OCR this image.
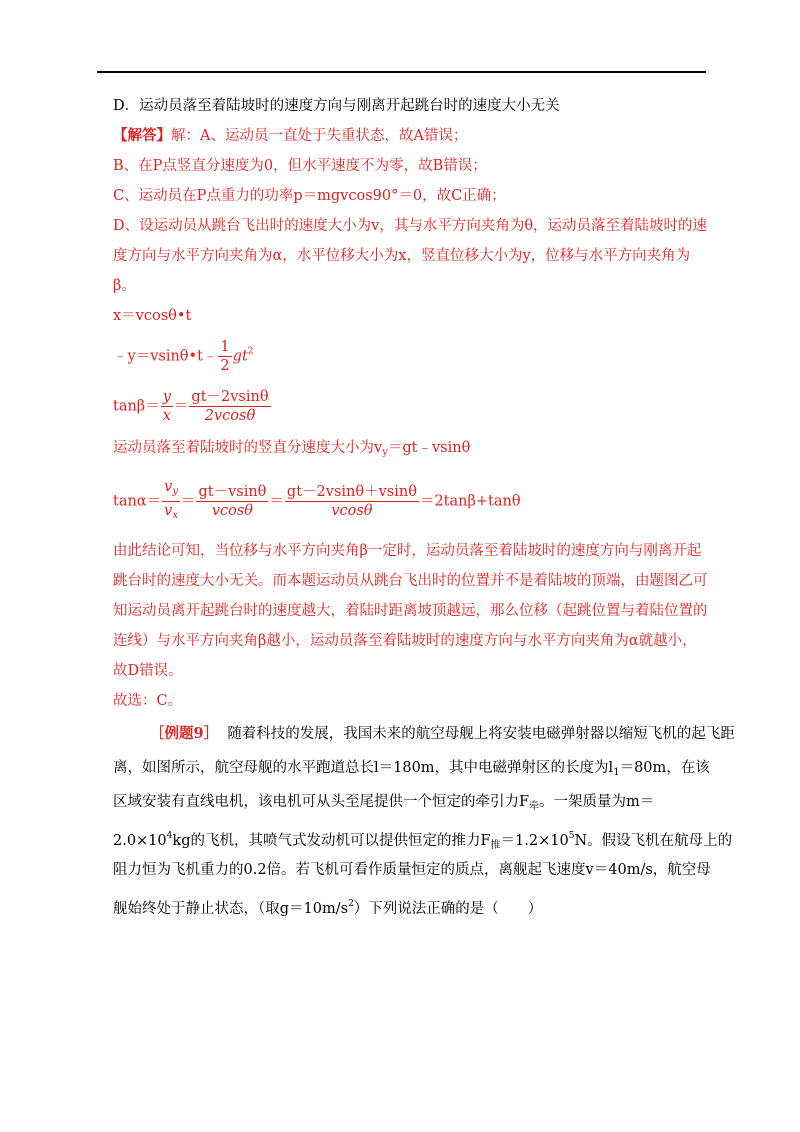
D．运动员落至着陆坡时的速度方向与刚离开起跳台时的速度大小无关
【解答】解：A、运动员一直处于失重状态，故A错误；
B、在P点竖直分速度为0，但水平速度不为零，故B错误；
C、运动员在P点重力的功率p＝mgvcos90°＝0，故C正确；
D、设运动员从跳台飞出时的速度大小为v，其与水平方向夹角为θ，运动员落至着陆坡时的速
度方向与水平方向夹角为α，水平位移大小为x，竖直位移大小为y，位移与水平方向夹角为
β。
x＝vcosθ•t
﹣y＝vsinθ•t﹣ $\frac{1}{2} gt^2$
$\tan\beta= \frac{y}{x} = \frac{gt-2vsin\theta}{2vcos\theta}$
运动员落至着陆坡时的竖直分速度大小为$v_y=gt﹣vsin\theta$
$\tan\alpha= \frac{v_y}{v_x} = \frac{gt-vsin\theta}{vcos\theta} = \frac{gt-2vsin\theta+vsin\theta}{vcos\theta} =2\tan\beta+\tan\theta$
由此结论可知，当位移与水平方向夹角β一定时，运动员落至着陆坡时的速度方向与刚离开起
跳台时的速度大小无关。而本题运动员从跳台飞出时的位置并不是着陆坡的顶端，由题图乙可
知运动员离开起跳台时的速度越大，着陆时距离坡顶越远，那么位移（起跳位置与着陆位置的
连线）与水平方向夹角β越小，运动员落至着陆坡时的速度方向与水平方向夹角为α就越小，
故D错误。
故选：C。
［例题9］ 随着科技的发展，我国未来的航空母舰上将安装电磁弹射器以缩短飞机的起飞距
离，如图所示，航空母舰的水平跑道总长l＝180m，其中电磁弹射区的长度为$l_1=80m$，在该
区域安装有直线电机，该电机可从头至尾提供一个恒定的牵引力$F_牵$。一架质量为m＝
$2.0\times 10^4kg$的飞机，其喷气式发动机可以提供恒定的推力$F_推=1.2\times 10^5N$。假设飞机在航母上的
阻力恒为飞机重力的0.2倍。若飞机可看作质量恒定的质点，离舰起飞速度v＝40m/s，航空母
舰始终处于静止状态，（取$g=10m/s^2$）下列说法正确的是（　　）
